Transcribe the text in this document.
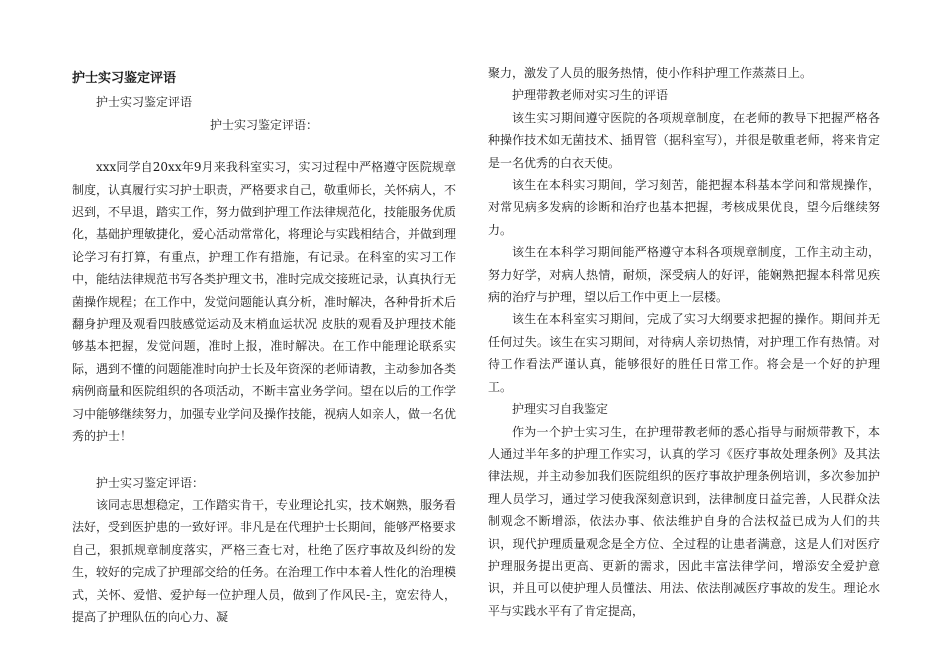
护士实习鉴定评语

护士实习鉴定评语

护士实习鉴定评语：

xxx同学自20xx年9月来我科室实习，实习过程中严格遵守医院规章制度，认真履行实习护士职责，严格要求自己，敬重师长，关怀病人，不迟到，不早退，踏实工作，努力做到护理工作法律规范化，技能服务优质化，基础护理敏捷化，爱心活动常常化，将理论与实践相结合，并做到理论学习有打算，有重点，护理工作有措施，有记录。在科室的实习工作中，能结法律规范书写各类护理文书，准时完成交接班记录，认真执行无菌操作规程；在工作中，发觉问题能认真分析，准时解决，各种骨折术后翻身护理及观看四肢感觉运动及末梢血运状况 皮肤的观看及护理技术能够基本把握，发觉问题，准时上报，准时解决。在工作中能理论联系实际，遇到不懂的问题能准时向护士长及年资深的老师请教，主动参加各类病例商量和医院组织的各项活动，不断丰富业务学问。望在以后的工作学习中能够继续努力，加强专业学问及操作技能，视病人如亲人，做一名优秀的护士！

护士实习鉴定评语：

该同志思想稳定，工作踏实肯干，专业理论扎实，技术娴熟，服务看法好，受到医护患的一致好评。非凡是在代理护士长期间，能够严格要求自己，狠抓规章制度落实，严格三查七对，杜绝了医疗事故及纠纷的发生，较好的完成了护理部交给的任务。在治理工作中本着人性化的治理模式，关怀、爱惜、爱护每一位护理人员，做到了作风民-主，宽宏待人，提高了护理队伍的向心力、凝

聚力，激发了人员的服务热情，使小作科护理工作蒸蒸日上。

护理带教老师对实习生的评语

该生实习期间遵守医院的各项规章制度，在老师的教导下把握严格各种操作技术如无菌技术、插胃管（据科室写），并很是敬重老师，将来肯定是一名优秀的白衣天使。

该生在本科实习期间，学习刻苦，能把握本科基本学问和常规操作，对常见病多发病的诊断和治疗也基本把握，考核成果优良，望今后继续努力。

该生在本科学习期间能严格遵守本科各项规章制度，工作主动主动，努力好学，对病人热情，耐烦，深受病人的好评，能娴熟把握本科常见疾病的治疗与护理，望以后工作中更上一层楼。

该生在本科室实习期间，完成了实习大纲要求把握的操作。期间并无任何过失。该生在实习期间，对待病人亲切热情，对护理工作有热情。对待工作看法严谨认真，能够很好的胜任日常工作。将会是一个好的护理工。

护理实习自我鉴定

作为一个护士实习生，在护理带教老师的悉心指导与耐烦带教下，本人通过半年多的护理工作实习，认真的学习《医疗事故处理条例》及其法律法规，并主动参加我们医院组织的医疗事故护理条例培训，多次参加护理人员学习，通过学习使我深刻意识到，法律制度日益完善，人民群众法制观念不断增添，依法办事、依法维护自身的合法权益已成为人们的共识，现代护理质量观念是全方位、全过程的让患者满意，这是人们对医疗护理服务提出更高、更新的需求，因此丰富法律学问，增添安全爱护意识，并且可以使护理人员懂法、用法、依法削减医疗事故的发生。理论水平与实践水平有了肯定提高，
